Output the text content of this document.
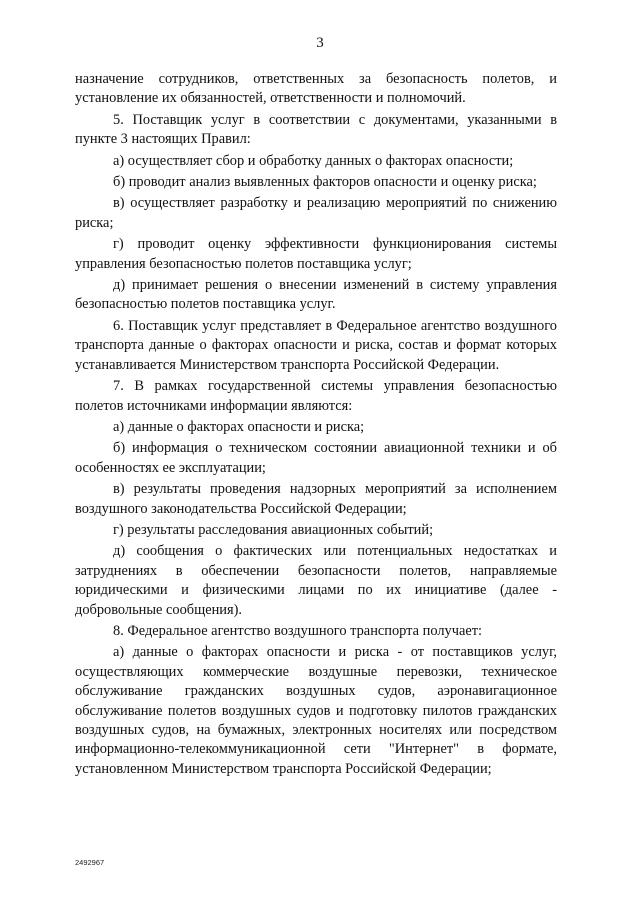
3

назначение сотрудников, ответственных за безопасность полетов, и установление их обязанностей, ответственности и полномочий.

5. Поставщик услуг в соответствии с документами, указанными в пункте 3 настоящих Правил:

а) осуществляет сбор и обработку данных о факторах опасности;

б) проводит анализ выявленных факторов опасности и оценку риска;

в) осуществляет разработку и реализацию мероприятий по снижению риска;

г) проводит оценку эффективности функционирования системы управления безопасностью полетов поставщика услуг;

д) принимает решения о внесении изменений в систему управления безопасностью полетов поставщика услуг.

6. Поставщик услуг представляет в Федеральное агентство воздушного транспорта данные о факторах опасности и риска, состав и формат которых устанавливается Министерством транспорта Российской Федерации.

7. В рамках государственной системы управления безопасностью полетов источниками информации являются:

а) данные о факторах опасности и риска;

б) информация о техническом состоянии авиационной техники и об особенностях ее эксплуатации;

в) результаты проведения надзорных мероприятий за исполнением воздушного законодательства Российской Федерации;

г) результаты расследования авиационных событий;

д) сообщения о фактических или потенциальных недостатках и затруднениях в обеспечении безопасности полетов, направляемые юридическими и физическими лицами по их инициативе (далее - добровольные сообщения).

8. Федеральное агентство воздушного транспорта получает:

а) данные о факторах опасности и риска - от поставщиков услуг, осуществляющих коммерческие воздушные перевозки, техническое обслуживание гражданских воздушных судов, аэронавигационное обслуживание полетов воздушных судов и подготовку пилотов гражданских воздушных судов, на бумажных, электронных носителях или посредством информационно-телекоммуникационной сети "Интернет" в формате, установленном Министерством транспорта Российской Федерации;

2492967
